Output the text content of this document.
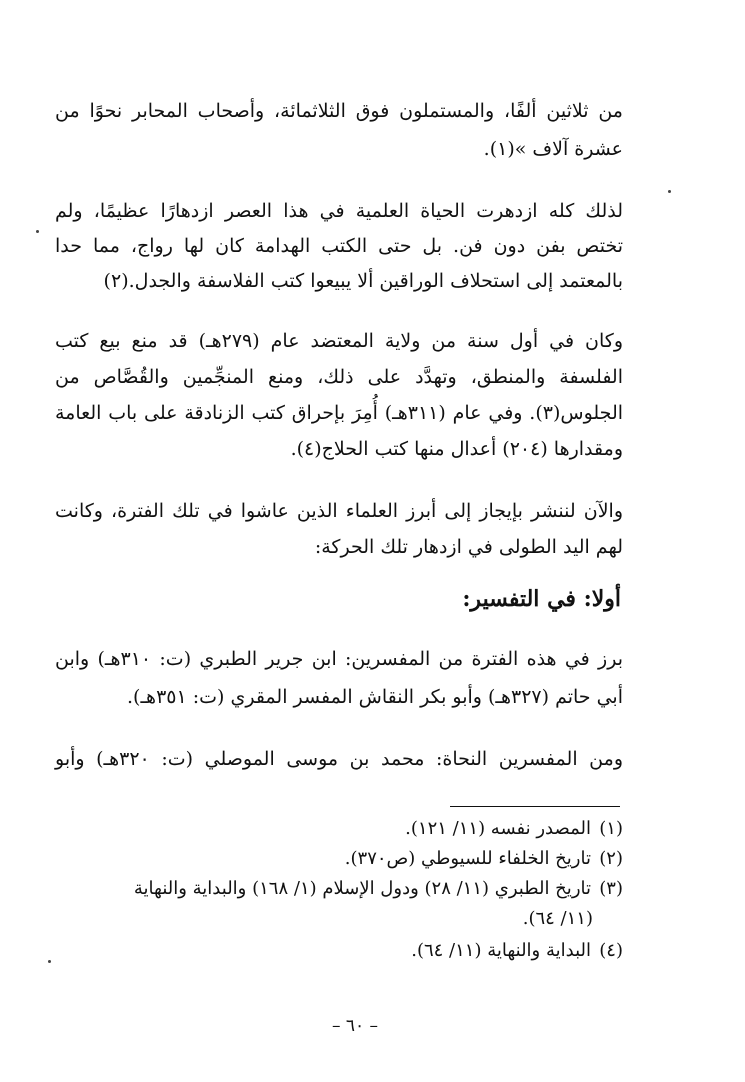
من ثلاثين ألفًا، والمستملون فوق الثلاثمائة، وأصحاب المحابر نحوًا من
عشرة آلاف »(١).
لذلك كله ازدهرت الحياة العلمية في هذا العصر ازدهارًا عظيمًا، ولم
تختص بفن دون فن. بل حتى الكتب الهدامة كان لها رواج، مما حدا
بالمعتمد إلى استحلاف الوراقين ألا يبيعوا كتب الفلاسفة والجدل.(٢)
وكان في أول سنة من ولاية المعتضد عام (٢٧٩هـ) قد منع بيع كتب
الفلسفة والمنطق، وتهدَّد على ذلك، ومنع المنجِّمين والقُصَّاص من
الجلوس(٣). وفي عام (٣١١هـ) أُمِرَ بإحراق كتب الزنادقة على باب العامة
ومقدارها (٢٠٤) أعدال منها كتب الحلاج(٤).
والآن لننشر بإيجاز إلى أبرز العلماء الذين عاشوا في تلك الفترة، وكانت
لهم اليد الطولى في ازدهار تلك الحركة:
أولا: في التفسير:
برز في هذه الفترة من المفسرين: ابن جرير الطبري (ت: ٣١٠هـ) وابن
أبي حاتم (٣٢٧هـ) وأبو بكر النقاش المفسر المقري (ت: ٣٥١هـ).
ومن المفسرين النحاة: محمد بن موسى الموصلي (ت: ٣٢٠هـ) وأبو
(١)المصدر نفسه (١١/ ١٢١).
(٢)تاريخ الخلفاء للسيوطي (ص٣٧٠).
(٣)تاريخ الطبري (١١/ ٢٨) ودول الإسلام (١/ ١٦٨) والبداية والنهاية
(١١/ ٦٤).
(٤)البداية والنهاية (١١/ ٦٤).
– ٦٠ –
